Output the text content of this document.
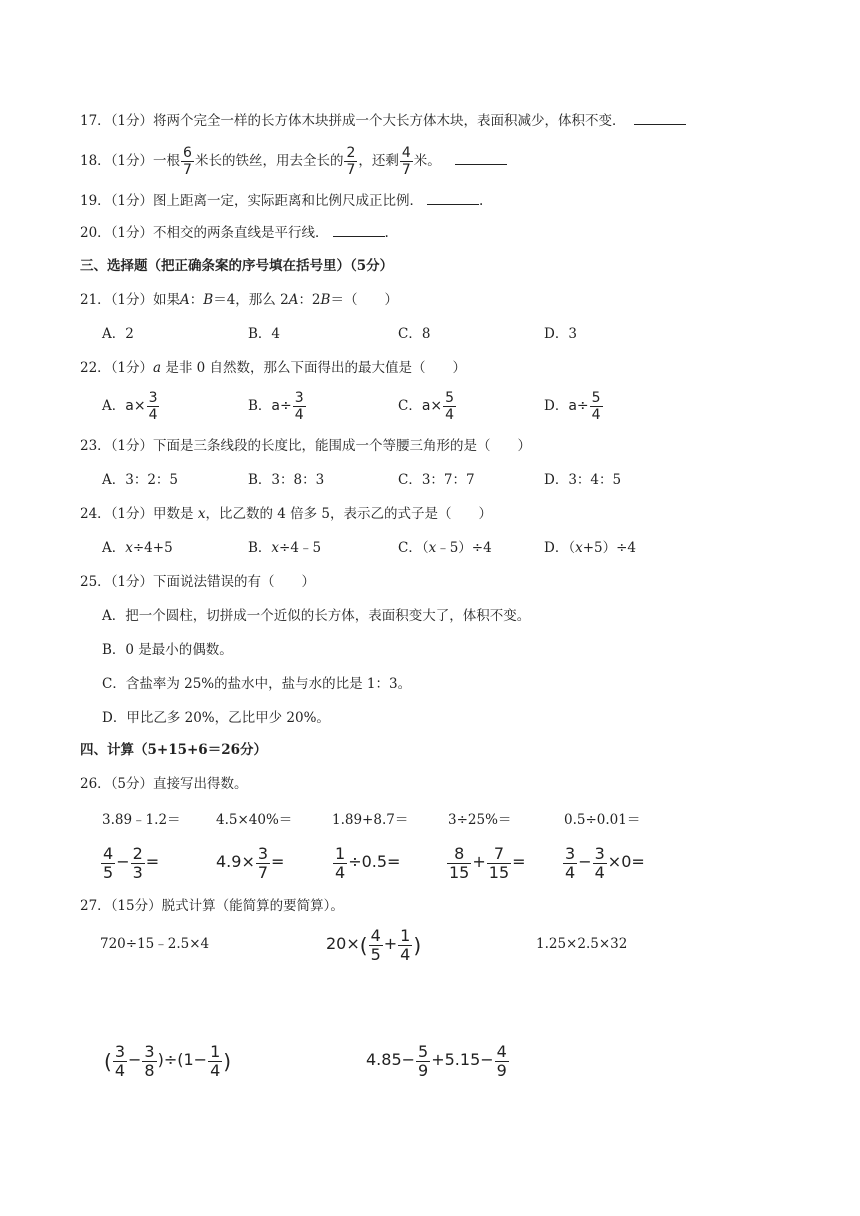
17．（1分）将两个完全一样的长方体木块拼成一个大长方体木块，表面积减少，体积不变．
18．（1分）一根 $\frac{6}{7}$ 米长的铁丝，用去全长的 $\frac{2}{7}$ ，还剩 $\frac{4}{7}$ 米。
19．（1分）图上距离一定，实际距离和比例尺成正比例．	.
20．（1分）不相交的两条直线是平行线．	.
三、选择题（把正确条案的序号填在括号里）（5分）
21．（1分）如果A：B＝4，那么 2A：2B＝（　　）
A．2	B．4	C．8	D．3
22．（1分）a 是非 0 自然数，那么下面得出的最大值是（　　）
A．$a\times \frac{3}{4}$	B．$a\div \frac{3}{4}$	C．$a\times \frac{5}{4}$	D．$a\div \frac{5}{4}$
23．（1分）下面是三条线段的长度比，能围成一个等腰三角形的是（　　）
A．3：2：5	B．3：8：3	C．3：7：7	D．3：4：5
24．（1分）甲数是 x，比乙数的 4 倍多 5，表示乙的式子是（　　）
A．x÷4+5	B．x÷4﹣5	C．（x﹣5）÷4	D．（x+5）÷4
25．（1分）下面说法错误的有（　　）
A．把一个圆柱，切拼成一个近似的长方体，表面积变大了，体积不变。
B．0 是最小的偶数。
C．含盐率为 25%的盐水中，盐与水的比是 1：3。
D．甲比乙多 20%，乙比甲少 20%。
四、计算（5+15+6＝26分）
26．（5分）直接写出得数。
3.89﹣1.2＝	4.5×40%＝	1.89+8.7＝	3÷25%＝	0.5÷0.01＝
$\frac{4}{5} - \frac{2}{3}$ =	$4.9\times \frac{3}{7}$ =	$\frac{1}{4} \div 0.5=$	$\frac{8}{15} + \frac{7}{15} = \frac{3}{4} - \frac{3}{4} \times 0=$
27．（15分）脱式计算（能简算的要简算）。
720÷15﹣2.5×4	$20\times( \frac{4}{5} + \frac{1}{4}$ )	1.25×2.5×32
( $\frac{3}{4} - \frac{3}{8} )\div(1- \frac{1}{4}$ )	$4.85- \frac{5}{9} +5.15- \frac{4}{9}$
